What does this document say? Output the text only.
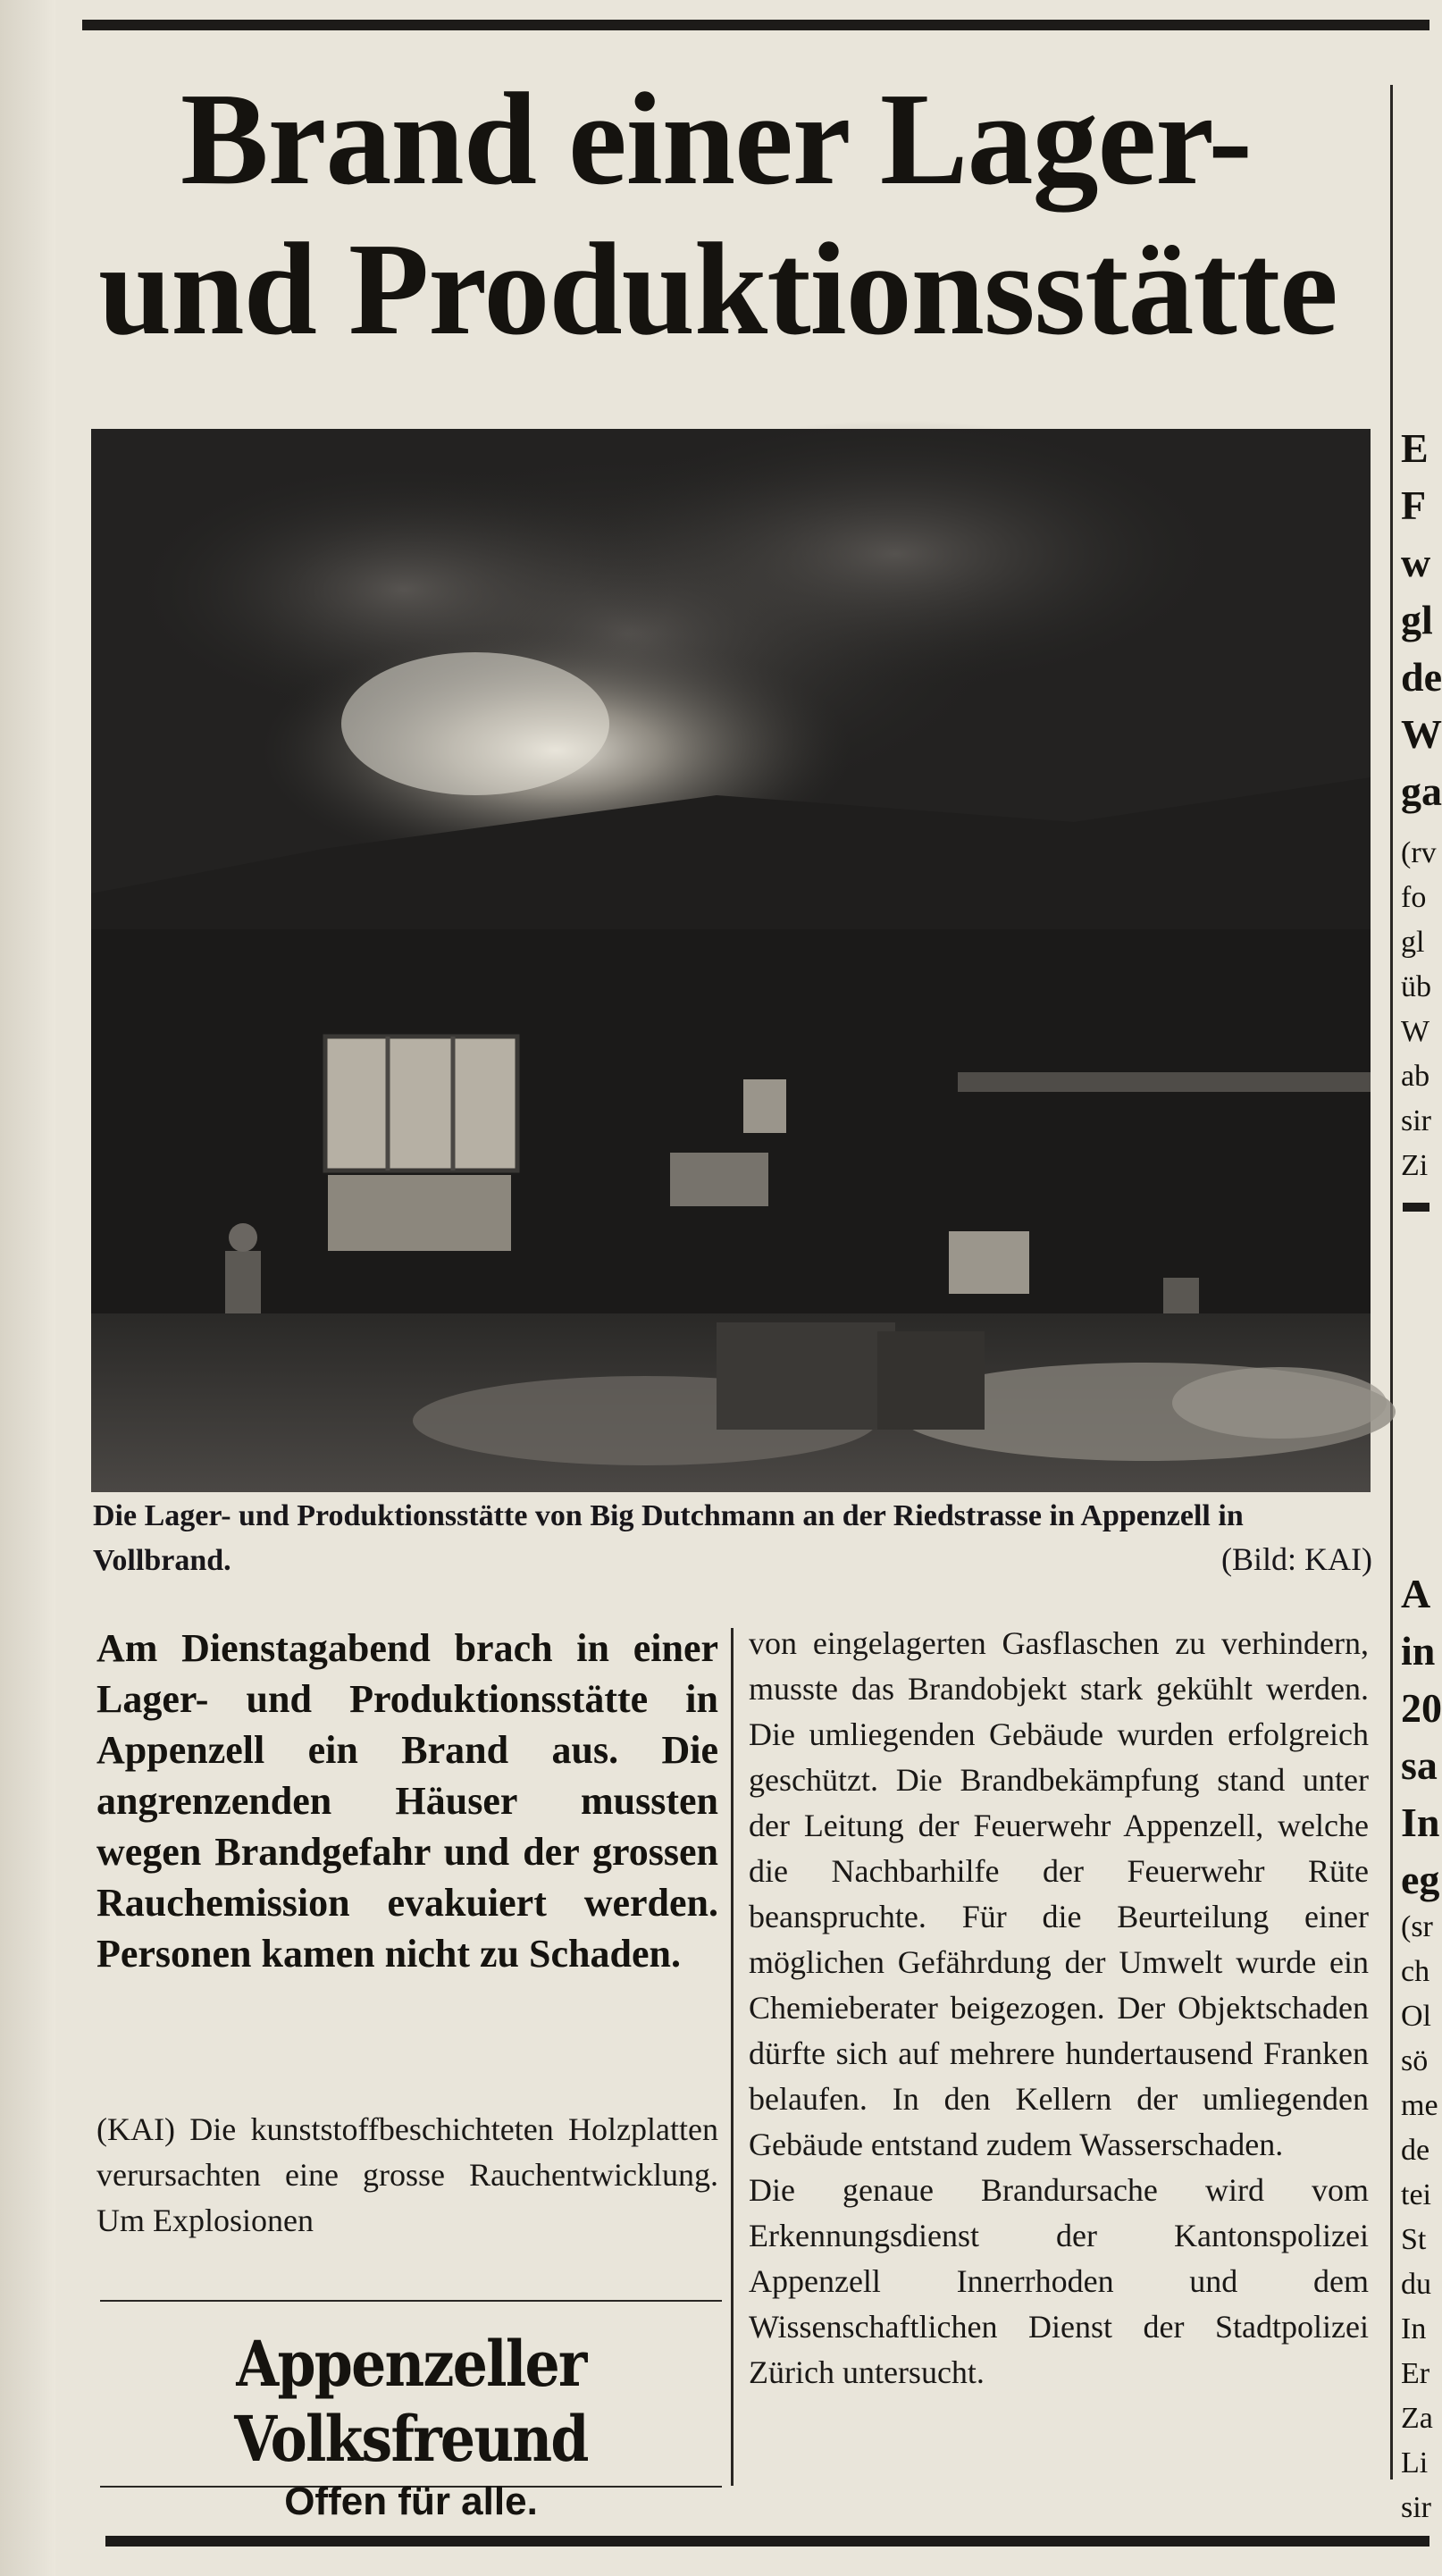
Brand einer Lager-
und Produktionsstätte
Die Lager- und Produktionsstätte von Big Dutchmann an der Riedstrasse in Appenzell in Vollbrand.	(Bild: KAI)
Am Dienstagabend brach in einer Lager- und Produktionsstätte in Appenzell ein Brand aus. Die angrenzenden Häuser mussten wegen Brandgefahr und der grossen Rauchemission evakuiert werden. Personen kamen nicht zu Schaden.
(KAI) Die kunststoffbeschichteten Holzplatten verursachten eine grosse Rauchentwicklung. Um Explosionen

von eingelagerten Gasflaschen zu verhindern, musste das Brandobjekt stark gekühlt werden. Die umliegenden Gebäude wurden erfolgreich geschützt. Die Brandbekämpfung stand unter der Leitung der Feuerwehr Appenzell, welche die Nachbarhilfe der Feuerwehr Rüte beanspruchte. Für die Beurteilung einer möglichen Gefährdung der Umwelt wurde ein Chemieberater beigezogen. Der Objektschaden dürfte sich auf mehrere hundertausend Franken belaufen. In den Kellern der umliegenden Gebäude entstand zudem Wasserschaden.

Die genaue Brandursache wird vom Erkennungsdienst der Kantonspolizei Appenzell Innerrhoden und dem Wissenschaftlichen Dienst der Stadtpolizei Zürich untersucht.

Appenzeller Volksfreund
Offen für alle.
E
F
w
gl
de
W
ga
(rv
fo
gl
üb
W
ab
sir
Zi
A
in
20
sa
In
eg
(sr
ch
Ol
sö
me
de
tei
St
du
In
Er
Za
Li
sir
